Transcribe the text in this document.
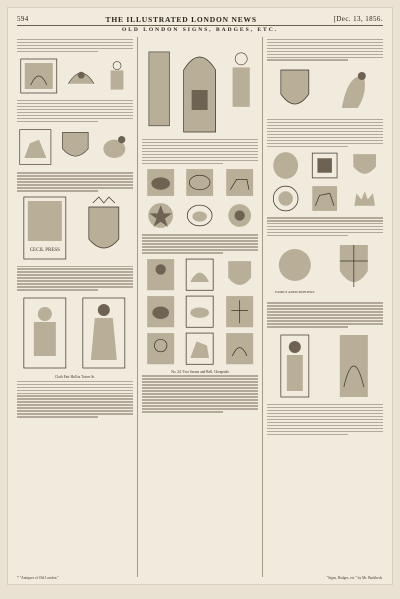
594	THE ILLUSTRATED LONDON NEWS	[Dec. 13, 1856.
OLD LONDON SIGNS, BADGES, ETC.
CECIL PRESS
Cloth Fair Hall in Tower St.
No. 24. Two Swans and Bell, Cheapside
FAMILY ARMS PRINTERS
* "Antiques of Old London."	"Signs, Badges, etc." by Mr. Burkbeck.
